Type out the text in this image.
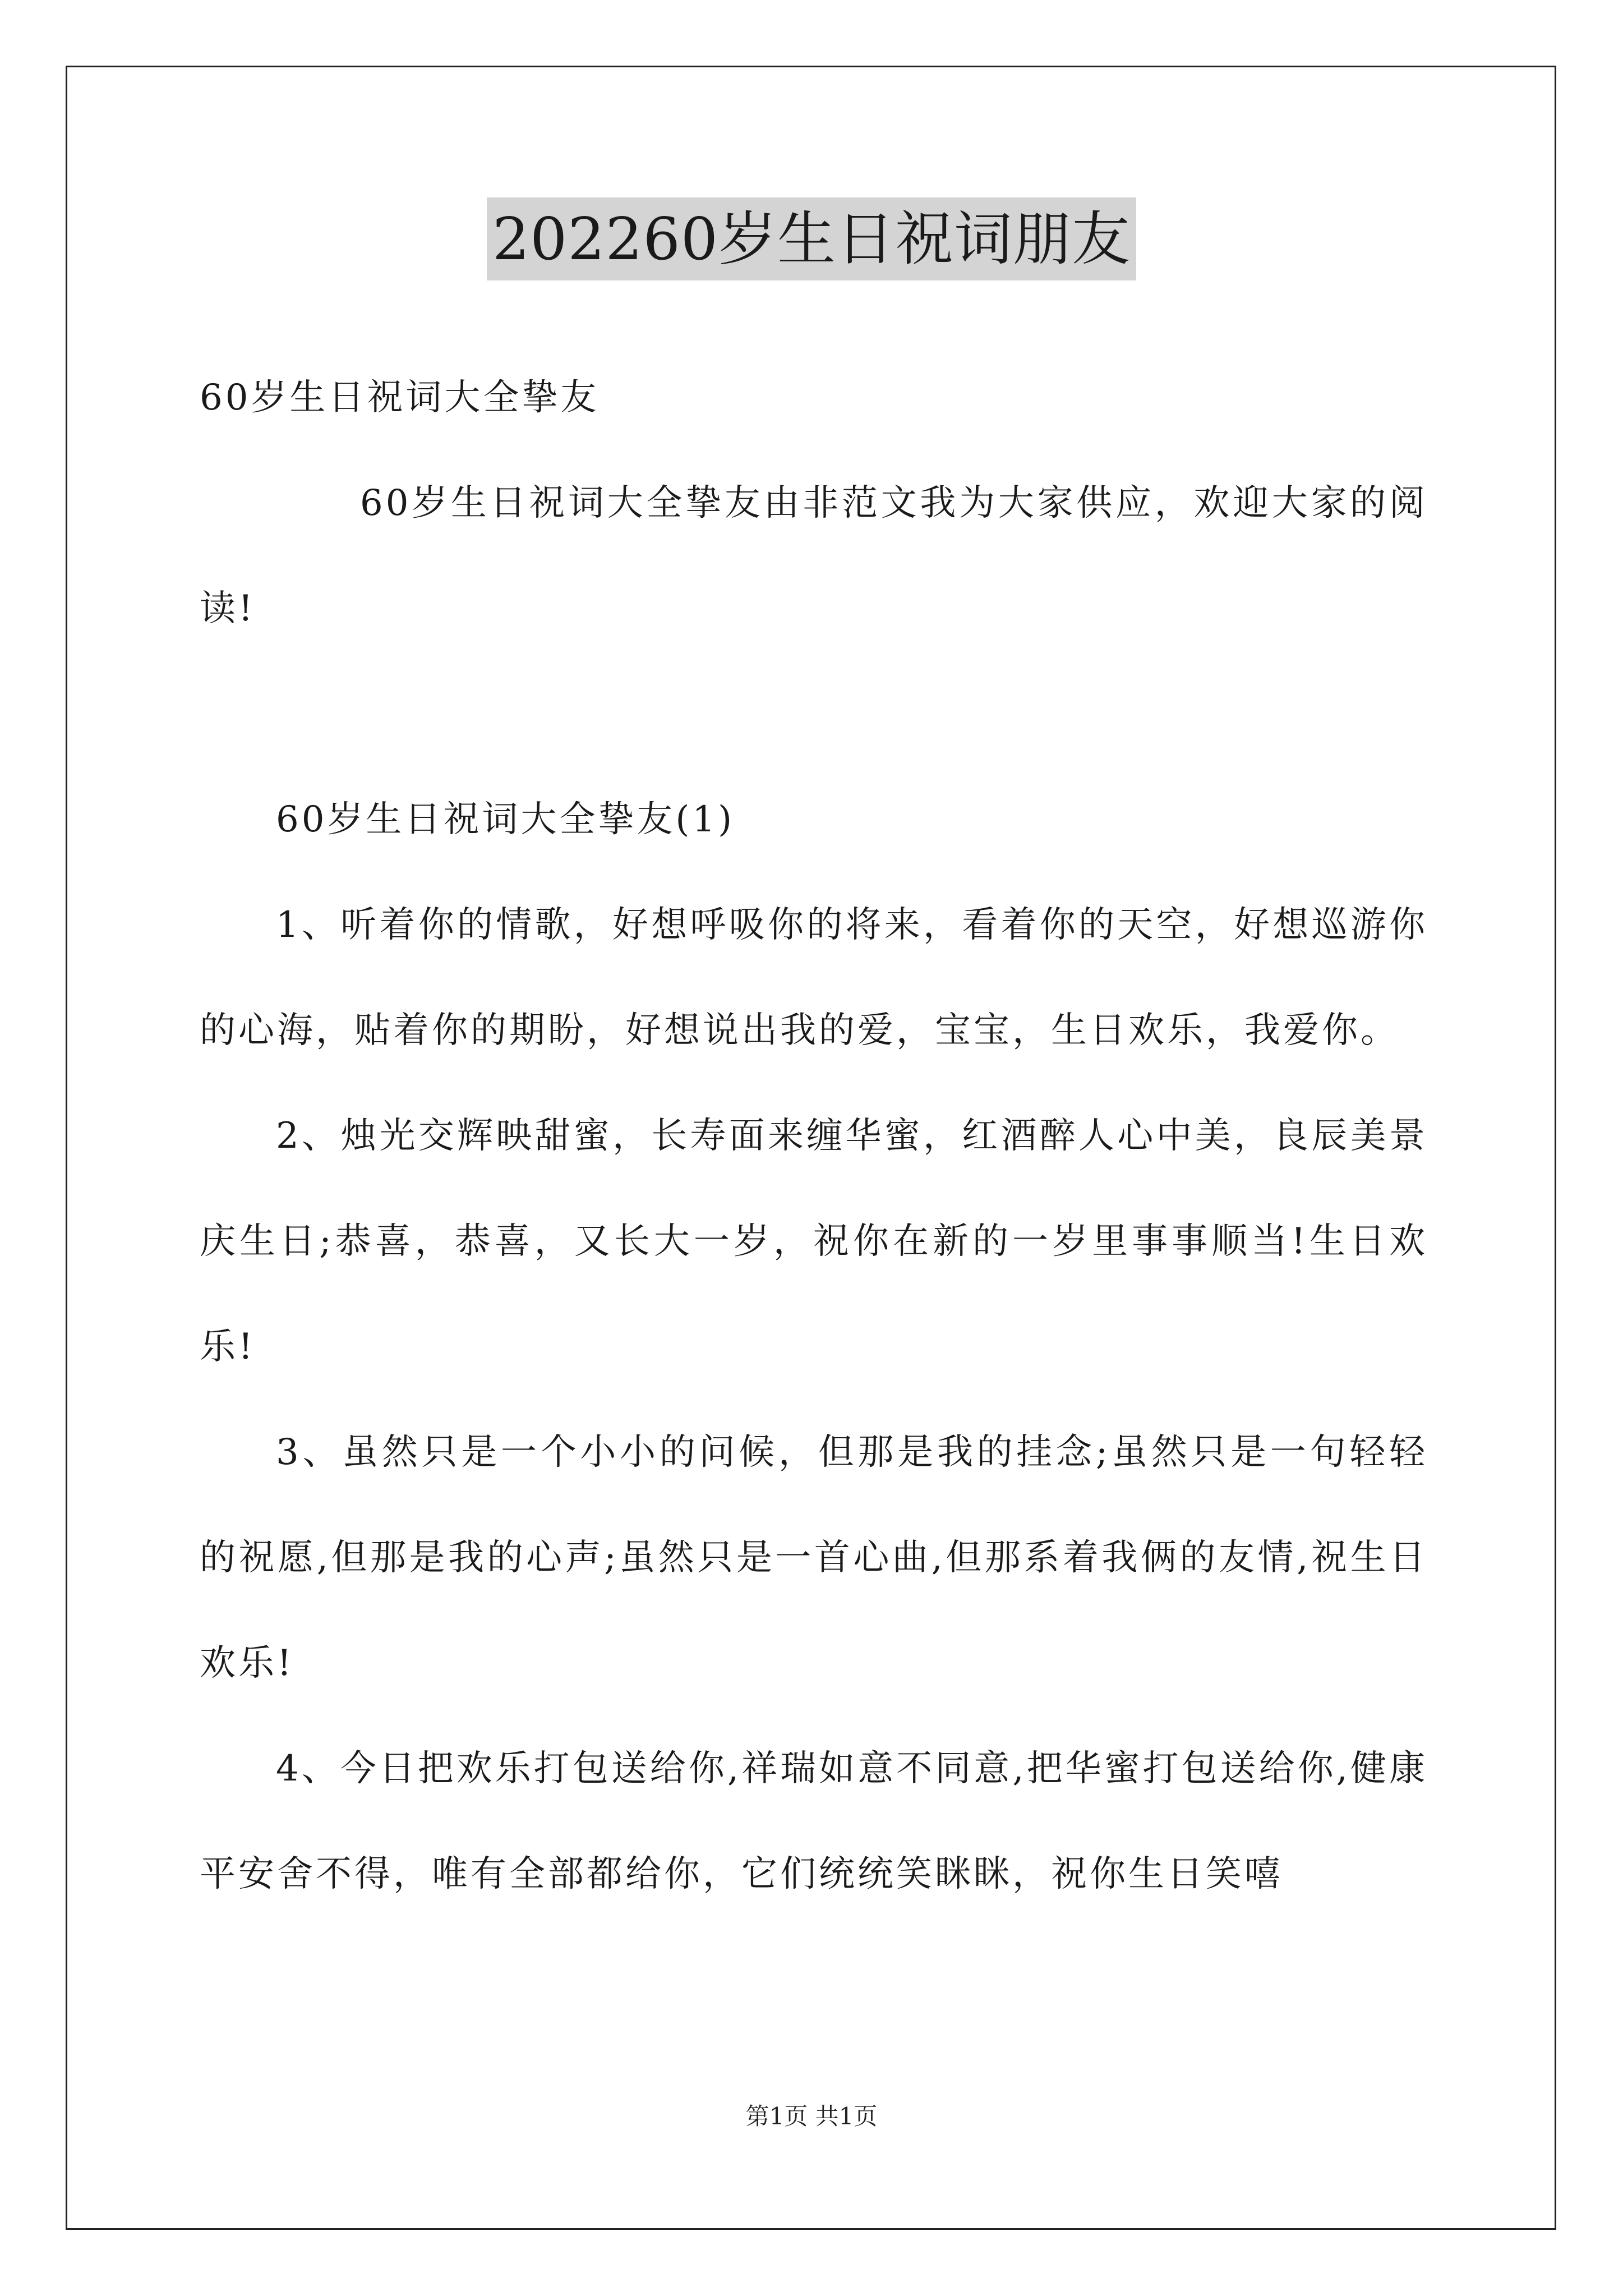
202260岁生日祝词朋友
60岁生日祝词大全挚友
60岁生日祝词大全挚友由非范文我为大家供应，欢迎大家的阅读!
60岁生日祝词大全挚友(1)
1、听着你的情歌，好想呼吸你的将来，看着你的天空，好想巡游你的心海，贴着你的期盼，好想说出我的爱，宝宝，生日欢乐，我爱你。
2、烛光交辉映甜蜜，长寿面来缠华蜜，红酒醉人心中美，良辰美景庆生日;恭喜，恭喜，又长大一岁，祝你在新的一岁里事事顺当!生日欢乐!
3、虽然只是一个小小的问候，但那是我的挂念;虽然只是一句轻轻的祝愿,但那是我的心声;虽然只是一首心曲,但那系着我俩的友情,祝生日欢乐!
4、今日把欢乐打包送给你,祥瑞如意不同意,把华蜜打包送给你,健康平安舍不得，唯有全部都给你，它们统统笑眯眯，祝你生日笑嘻
第1页 共1页
